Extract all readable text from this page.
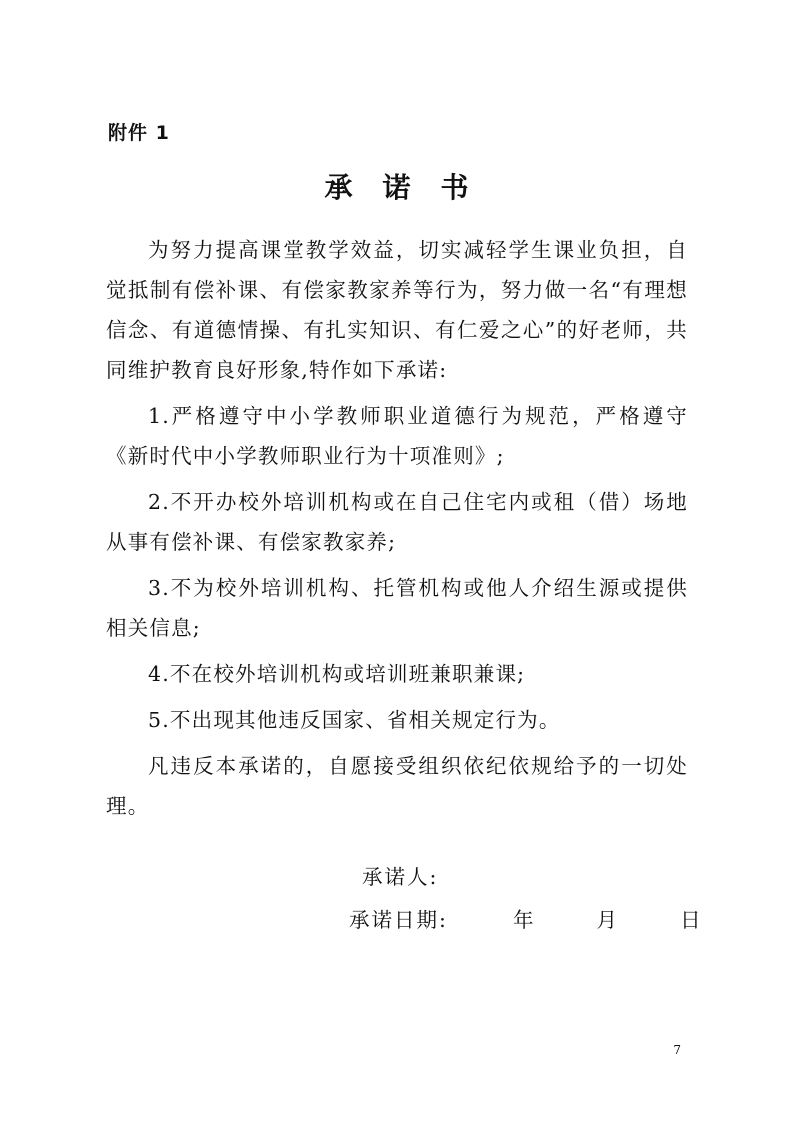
附件 1
承诺书

为努力提高课堂教学效益，切实减轻学生课业负担，自觉抵制有偿补课、有偿家教家养等行为，努力做一名“有理想信念、有道德情操、有扎实知识、有仁爱之心”的好老师，共同维护教育良好形象,特作如下承诺:

1.严格遵守中小学教师职业道德行为规范，严格遵守《新时代中小学教师职业行为十项准则》;

2.不开办校外培训机构或在自己住宅内或租（借）场地从事有偿补课、有偿家教家养;

3.不为校外培训机构、托管机构或他人介绍生源或提供相关信息;

4.不在校外培训机构或培训班兼职兼课;

5.不出现其他违反国家、省相关规定行为。

凡违反本承诺的，自愿接受组织依纪依规给予的一切处理。

承诺人:
承诺日期:	年	月	日
7
